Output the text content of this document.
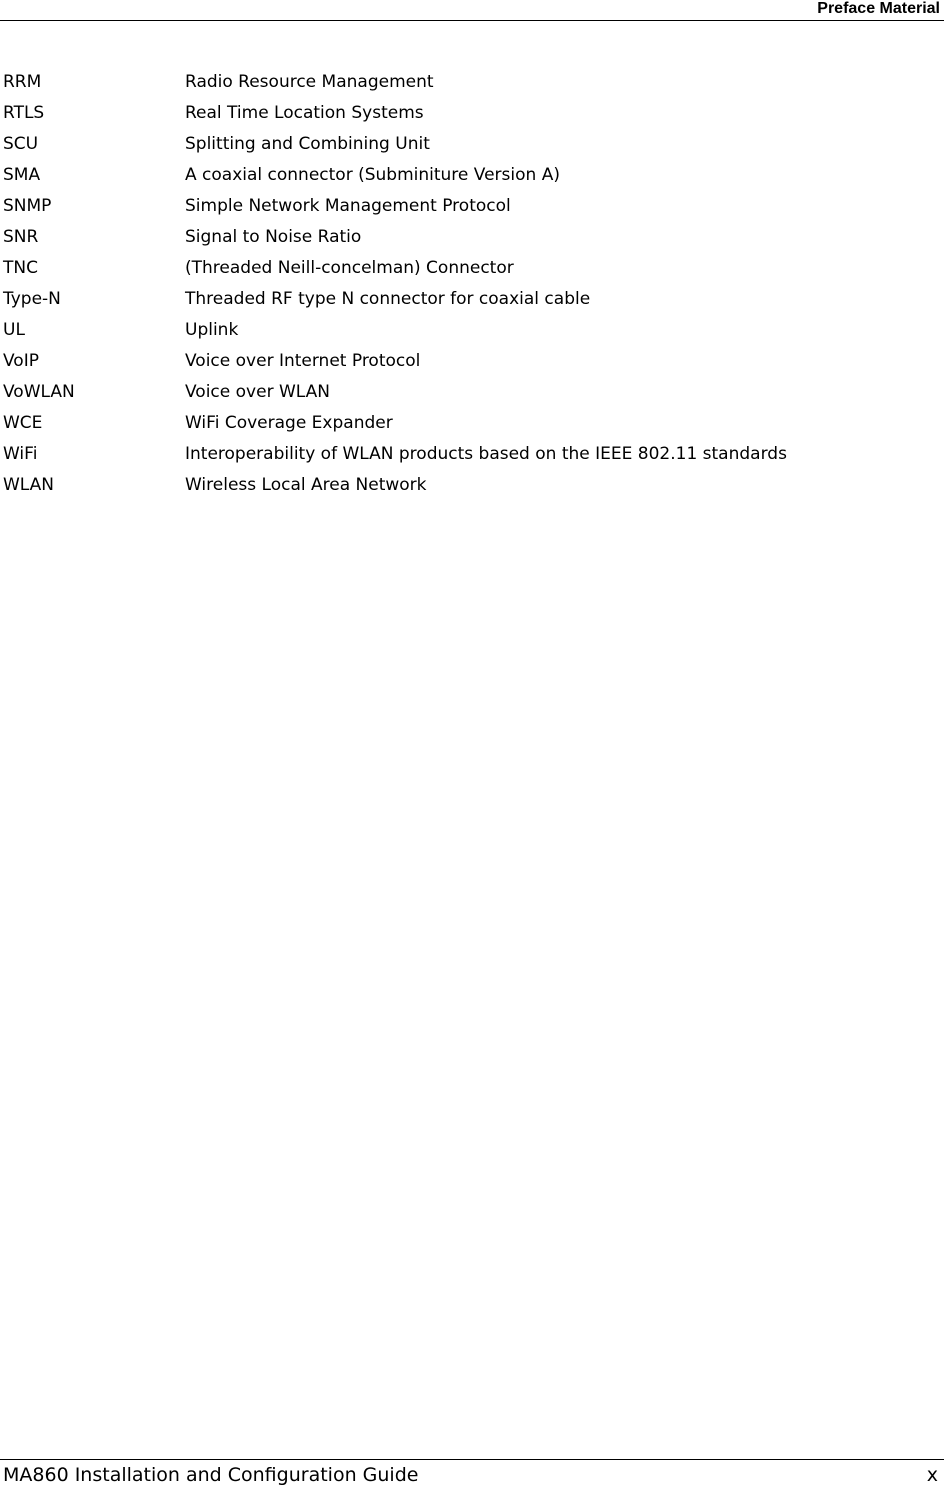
Preface Material
RRM	Radio Resource Management
RTLS	Real Time Location Systems
SCU	Splitting and Combining Unit
SMA	A coaxial connector (Subminiture Version A)
SNMP	Simple Network Management Protocol
SNR	Signal to Noise Ratio
TNC	(Threaded Neill-concelman) Connector
Type-N	Threaded RF type N connector for coaxial cable
UL	Uplink
VoIP	Voice over Internet Protocol
VoWLAN	Voice over WLAN
WCE	WiFi Coverage Expander
WiFi	Interoperability of WLAN products based on the IEEE 802.11 standards
WLAN	Wireless Local Area Network
MA860 Installation and Configuration Guide	x
